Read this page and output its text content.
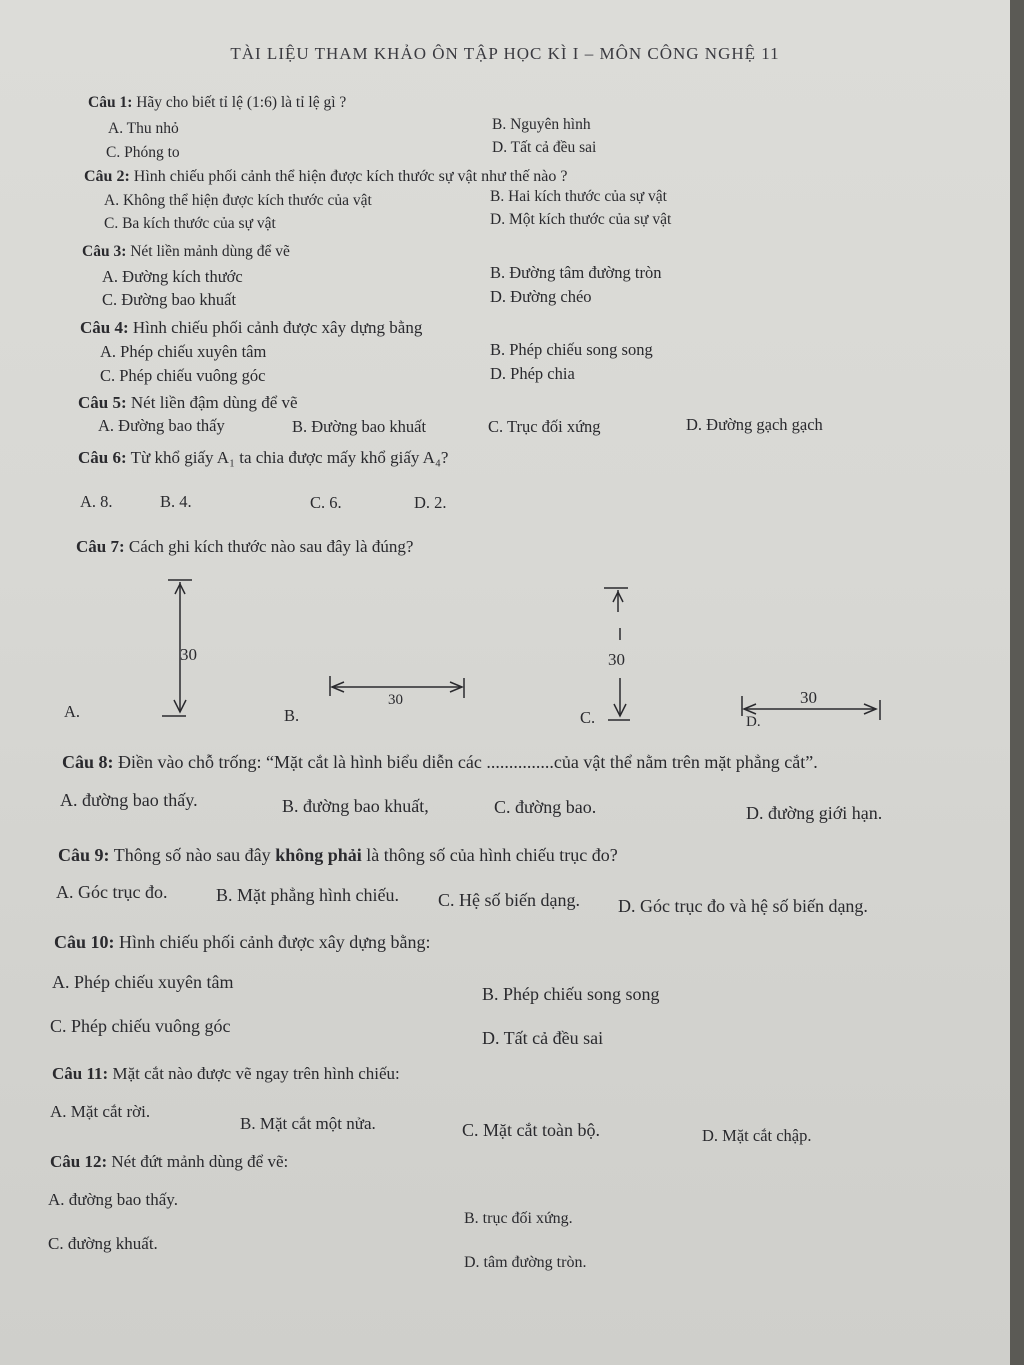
TÀI LIỆU THAM KHẢO ÔN TẬP HỌC KÌ I – MÔN CÔNG NGHỆ 11
Câu 1: Hãy cho biết tỉ lệ (1:6) là tỉ lệ gì ?
A. Thu nhỏ	B. Nguyên hình
C. Phóng to	D. Tất cả đều sai
Câu 2: Hình chiếu phối cảnh thể hiện được kích thước sự vật như thế nào ?
A. Không thể hiện được kích thước của vật	B. Hai kích thước của sự vật
C. Ba kích thước của sự vật	D. Một kích thước của sự vật
Câu 3: Nét liền mảnh dùng để vẽ
A. Đường kích thước	B. Đường tâm đường tròn
C. Đường bao khuất	D. Đường chéo
Câu 4: Hình chiếu phối cảnh được xây dựng bằng
A. Phép chiếu xuyên tâm	B. Phép chiếu song song
C. Phép chiếu vuông góc	D. Phép chia
Câu 5: Nét liền đậm dùng để vẽ
A. Đường bao thấy	B. Đường bao khuất	C. Trục đối xứng	D. Đường gạch gạch
Câu 6: Từ khổ giấy A₁ ta chia được mấy khổ giấy A₄?
A. 8.	B. 4.	C. 6.	D. 2.
Câu 7: Cách ghi kích thước nào sau đây là đúng?
30
30
30
30
A.	B.	C.	D.
Câu 8: Điền vào chỗ trống: “Mặt cắt là hình biểu diễn các ...............của vật thể nằm trên mặt phẳng cắt”.
A. đường bao thấy.	B. đường bao khuất,	C. đường bao.	D. đường giới hạn.
Câu 9: Thông số nào sau đây không phải là thông số của hình chiếu trục đo?
A. Góc trục đo.	B. Mặt phẳng hình chiếu. C. Hệ số biến dạng. D. Góc trục đo và hệ số biến dạng.
Câu 10: Hình chiếu phối cảnh được xây dựng bằng:
A. Phép chiếu xuyên tâm
B. Phép chiếu song song
C. Phép chiếu vuông góc
D. Tất cả đều sai
Câu 11: Mặt cắt nào được vẽ ngay trên hình chiếu:
A. Mặt cắt rời.
B. Mặt cắt một nửa.	C. Mặt cắt toàn bộ.	D. Mặt cắt chập.
Câu 12: Nét đứt mảnh dùng để vẽ:
A. đường bao thấy.
B. trục đối xứng.
C. đường khuất.
D. tâm đường tròn.
